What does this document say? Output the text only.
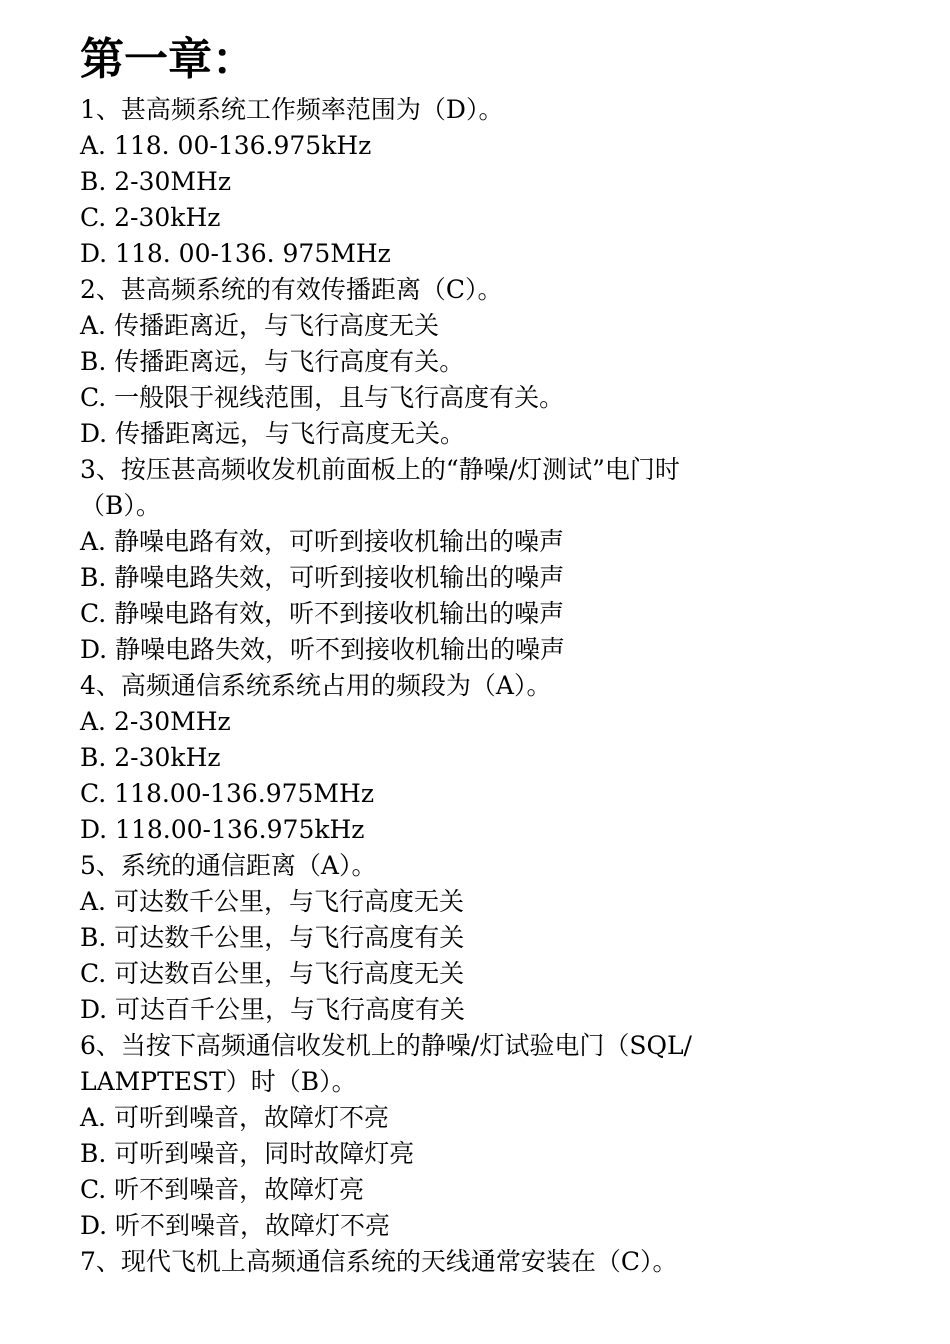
第一章：
1、甚高频系统工作频率范围为（D）。
A. 118. 00-136.975kHz
B. 2-30MHz
C. 2-30kHz
D. 118. 00-136. 975MHz
2、甚高频系统的有效传播距离（C）。
A. 传播距离近，与飞行高度无关
B. 传播距离远，与飞行高度有关。
C. 一般限于视线范围，且与飞行高度有关。
D. 传播距离远，与飞行高度无关。
3、按压甚高频收发机前面板上的“静噪/灯测试”电门时
（B）。
A. 静噪电路有效，可听到接收机输出的噪声
B. 静噪电路失效，可听到接收机输出的噪声
C. 静噪电路有效，听不到接收机输出的噪声
D. 静噪电路失效，听不到接收机输出的噪声
4、高频通信系统系统占用的频段为（A）。
A. 2-30MHz
B. 2-30kHz
C. 118.00-136.975MHz
D. 118.00-136.975kHz
5、系统的通信距离（A）。
A. 可达数千公里，与飞行高度无关
B. 可达数千公里，与飞行高度有关
C. 可达数百公里，与飞行高度无关
D. 可达百千公里，与飞行高度有关
6、当按下高频通信收发机上的静噪/灯试验电门（SQL/
LAMPTEST）时（B）。
A. 可听到噪音，故障灯不亮
B. 可听到噪音，同时故障灯亮
C. 听不到噪音，故障灯亮
D. 听不到噪音，故障灯不亮
7、现代飞机上高频通信系统的天线通常安装在（C）。
